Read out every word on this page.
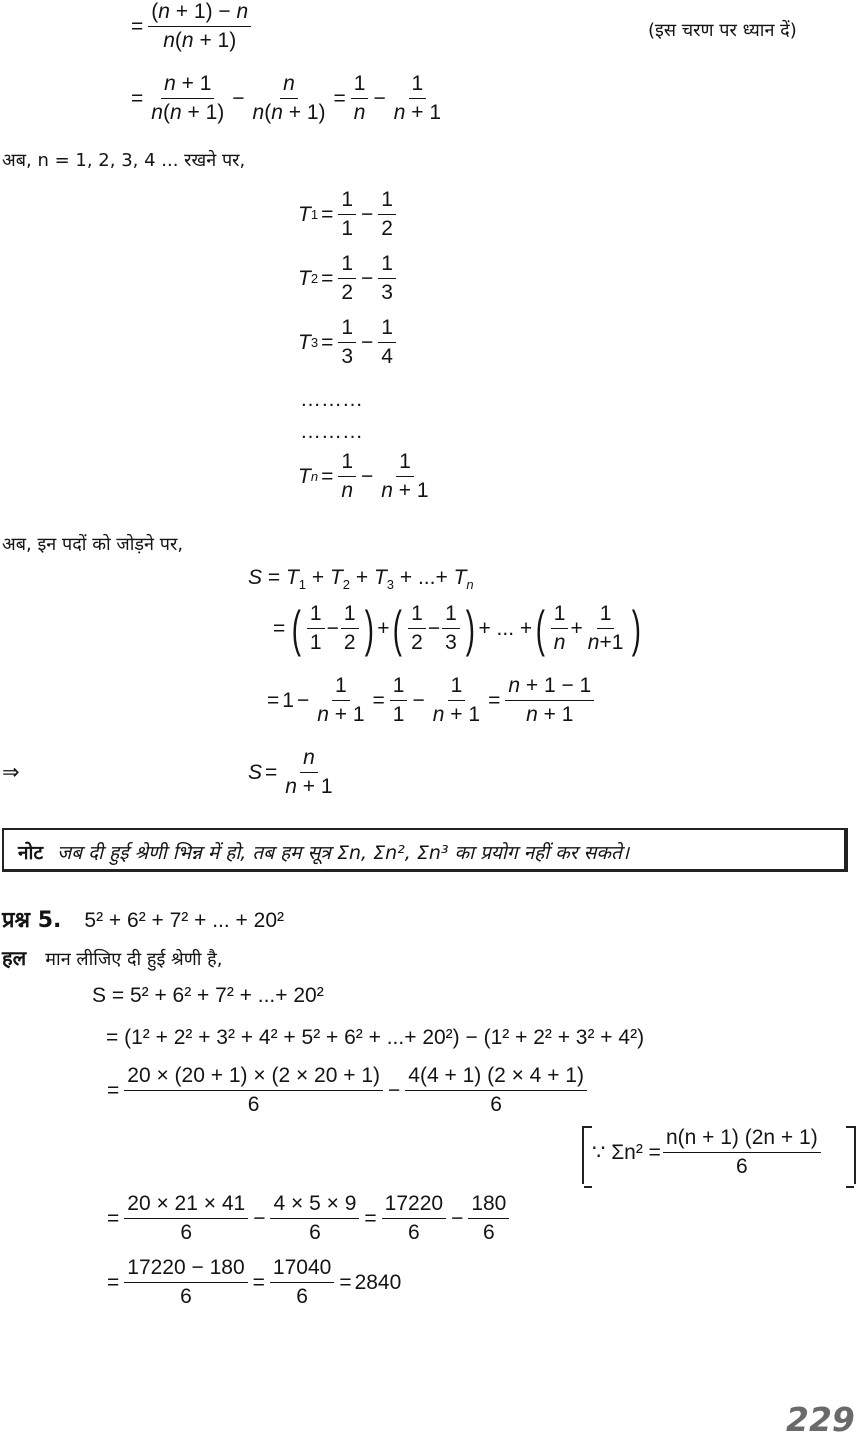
= $\frac{(n + 1) - n}{n(n + 1)}$	(इस चरण पर ध्यान दें)
= $\frac{n + 1}{n(n + 1)} - \frac{n}{n(n + 1)} = \frac{1}{n} - \frac{1}{n + 1}$
अब, n = 1, 2, 3, 4 ... रखने पर,
T $1 = \frac{1}{1} - \frac{1}{2}$
T $2 = \frac{1}{2} - \frac{1}{3}$
T $3 = \frac{1}{3} - \frac{1}{4}$
………
………
T $n = \frac{1}{n} - \frac{1}{n + 1}$
अब, इन पदों को जोड़ने पर,
$S = T_1 + T_2 + T_3$ + ...+ $T_n$
= ( $\frac{1}{1} - \frac{1}{2}$ ) + ( $\frac{1}{2} - \frac{1}{3}$ ) + ... + ( $\frac{1}{n} + \frac{1}{n+1}$ )
= $1 - \frac{1}{n + 1} = \frac{1}{1} - \frac{1}{n + 1} = \frac{n + 1 - 1}{n + 1}$
⇒	$S = \frac{n}{n + 1}$
नोट जब दी हुई श्रेणी भिन्न में हो, तब हम सूत्र Σn, Σn², Σn³ का प्रयोग नहीं कर सकते।
प्रश्न 5. 5² + 6² + 7² + ... + 20²
हल मान लीजिए दी हुई श्रेणी है,
S = 5² + 6² + 7² + ...+ 20²
= (1² + 2² + 3² + 4² + 5² + 6² + ...+ 20²) − (1² + 2² + 3² + 4²)
= $\frac{20 \times (20 + 1) \times (2 \times 20 + 1)}{6} - \frac{4(4 + 1) (2 \times 4 + 1)}{6}$
∵ $\Sigma n^2 = \frac{n(n + 1) (2n + 1)}{6}$
= $\frac{20 \times 21 \times 41}{6} - \frac{4 \times 5 \times 9}{6} = \frac{17220}{6} - \frac{180}{6}$
= $\frac{17220 - 180}{6} = \frac{17040}{6} = 2840$
229
